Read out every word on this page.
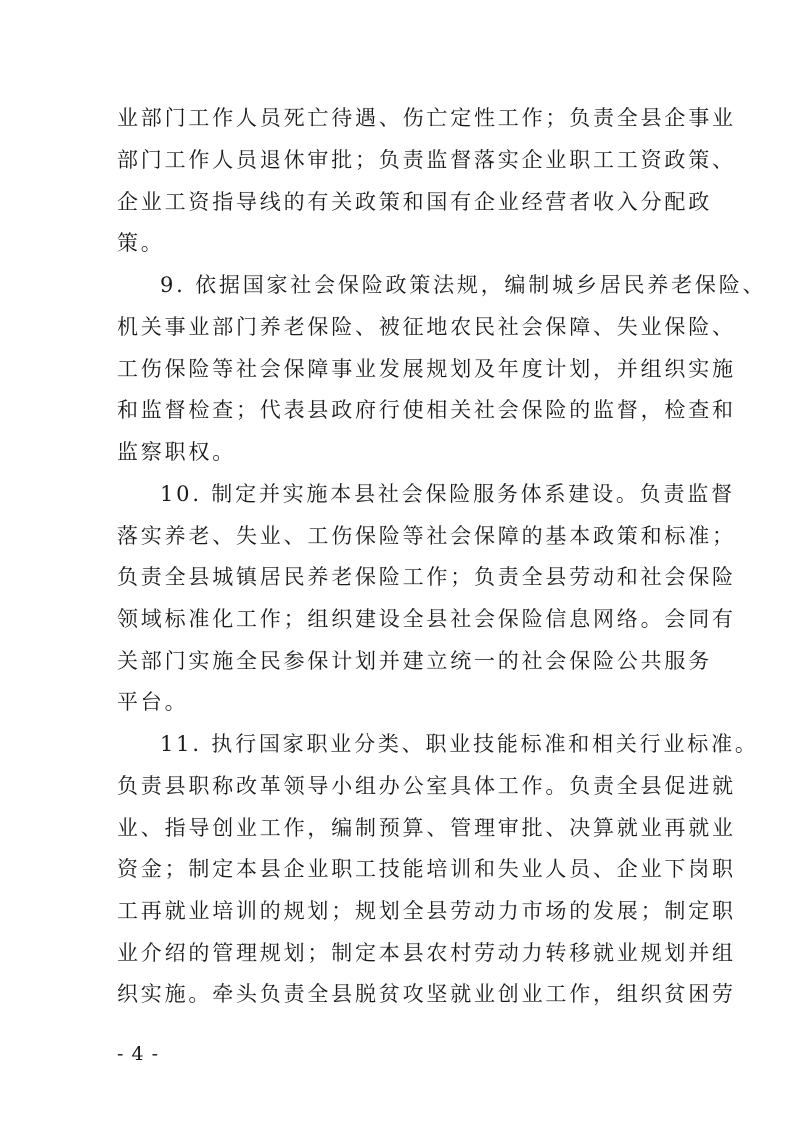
业部门工作人员死亡待遇、伤亡定性工作；负责全县企事业
部门工作人员退休审批；负责监督落实企业职工工资政策、
企业工资指导线的有关政策和国有企业经营者收入分配政
策。
9. 依据国家社会保险政策法规，编制城乡居民养老保险、
机关事业部门养老保险、被征地农民社会保障、失业保险、
工伤保险等社会保障事业发展规划及年度计划，并组织实施
和监督检查；代表县政府行使相关社会保险的监督，检查和
监察职权。
10. 制定并实施本县社会保险服务体系建设。负责监督
落实养老、失业、工伤保险等社会保障的基本政策和标准；
负责全县城镇居民养老保险工作；负责全县劳动和社会保险
领域标准化工作；组织建设全县社会保险信息网络。会同有
关部门实施全民参保计划并建立统一的社会保险公共服务
平台。
11. 执行国家职业分类、职业技能标准和相关行业标准。
负责县职称改革领导小组办公室具体工作。负责全县促进就
业、指导创业工作，编制预算、管理审批、决算就业再就业
资金；制定本县企业职工技能培训和失业人员、企业下岗职
工再就业培训的规划；规划全县劳动力市场的发展；制定职
业介绍的管理规划；制定本县农村劳动力转移就业规划并组
织实施。牵头负责全县脱贫攻坚就业创业工作，组织贫困劳
- 4 -
